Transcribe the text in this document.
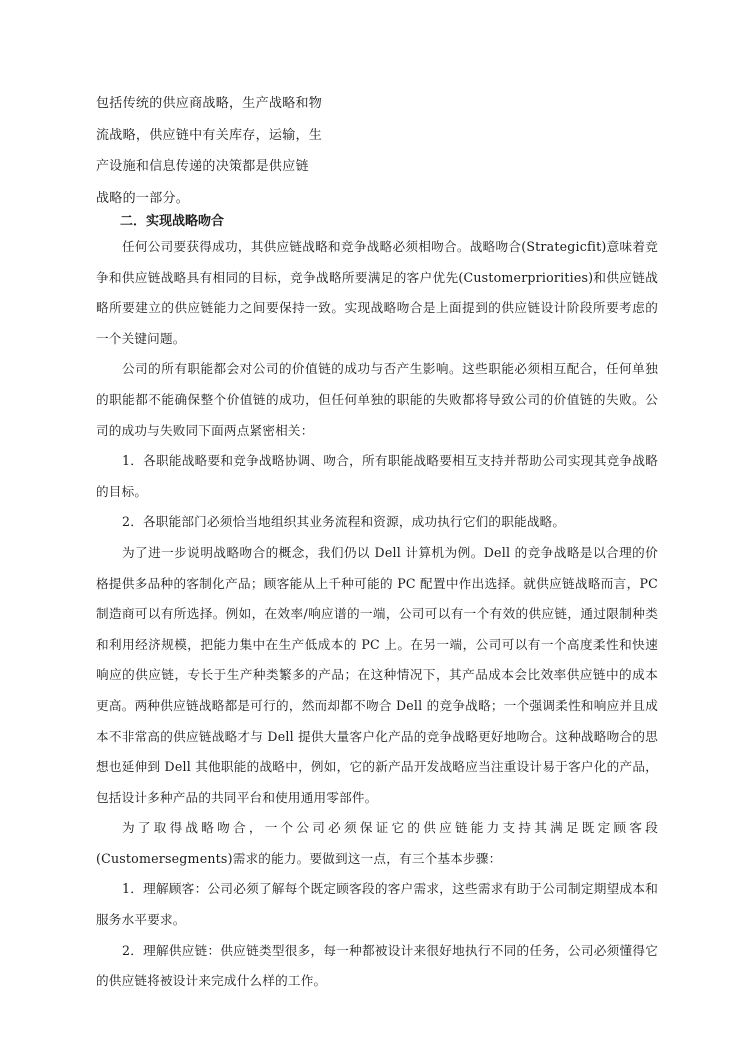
包括传统的供应商战略，生产战略和物

流战略，供应链中有关库存，运输，生

产设施和信息传递的决策都是供应链

战略的一部分。

二．实现战略吻合

任何公司要获得成功，其供应链战略和竞争战略必须相吻合。战略吻合(Strategicfit)意味着竞争和供应链战略具有相同的目标，竞争战略所要满足的客户优先(Customerpriorities)和供应链战略所要建立的供应链能力之间要保持一致。实现战略吻合是上面提到的供应链设计阶段所要考虑的一个关键问题。

公司的所有职能都会对公司的价值链的成功与否产生影响。这些职能必须相互配合，任何单独的职能都不能确保整个价值链的成功，但任何单独的职能的失败都将导致公司的价值链的失败。公司的成功与失败同下面两点紧密相关：

1．各职能战略要和竞争战略协调、吻合，所有职能战略要相互支持并帮助公司实现其竞争战略的目标。

2．各职能部门必须恰当地组织其业务流程和资源，成功执行它们的职能战略。

为了进一步说明战略吻合的概念，我们仍以 Dell 计算机为例。Dell 的竞争战略是以合理的价格提供多品种的客制化产品；顾客能从上千种可能的 PC 配置中作出选择。就供应链战略而言，PC 制造商可以有所选择。例如，在效率/响应谱的一端，公司可以有一个有效的供应链，通过限制种类和利用经济规模，把能力集中在生产低成本的 PC 上。在另一端，公司可以有一个高度柔性和快速响应的供应链，专长于生产种类繁多的产品；在这种情况下，其产品成本会比效率供应链中的成本更高。两种供应链战略都是可行的，然而却都不吻合 Dell 的竞争战略；一个强调柔性和响应并且成本不非常高的供应链战略才与 Dell 提供大量客户化产品的竞争战略更好地吻合。这种战略吻合的思想也延伸到 Dell 其他职能的战略中，例如，它的新产品开发战略应当注重设计易于客户化的产品，包括设计多种产品的共同平台和使用通用零部件。

为了取得战略吻合，一个公司必须保证它的供应链能力支持其满足既定顾客段(Customersegments)需求的能力。要做到这一点，有三个基本步骤：

1．理解顾客：公司必须了解每个既定顾客段的客户需求，这些需求有助于公司制定期望成本和服务水平要求。

2．理解供应链：供应链类型很多，每一种都被设计来很好地执行不同的任务，公司必须懂得它的供应链将被设计来完成什么样的工作。
